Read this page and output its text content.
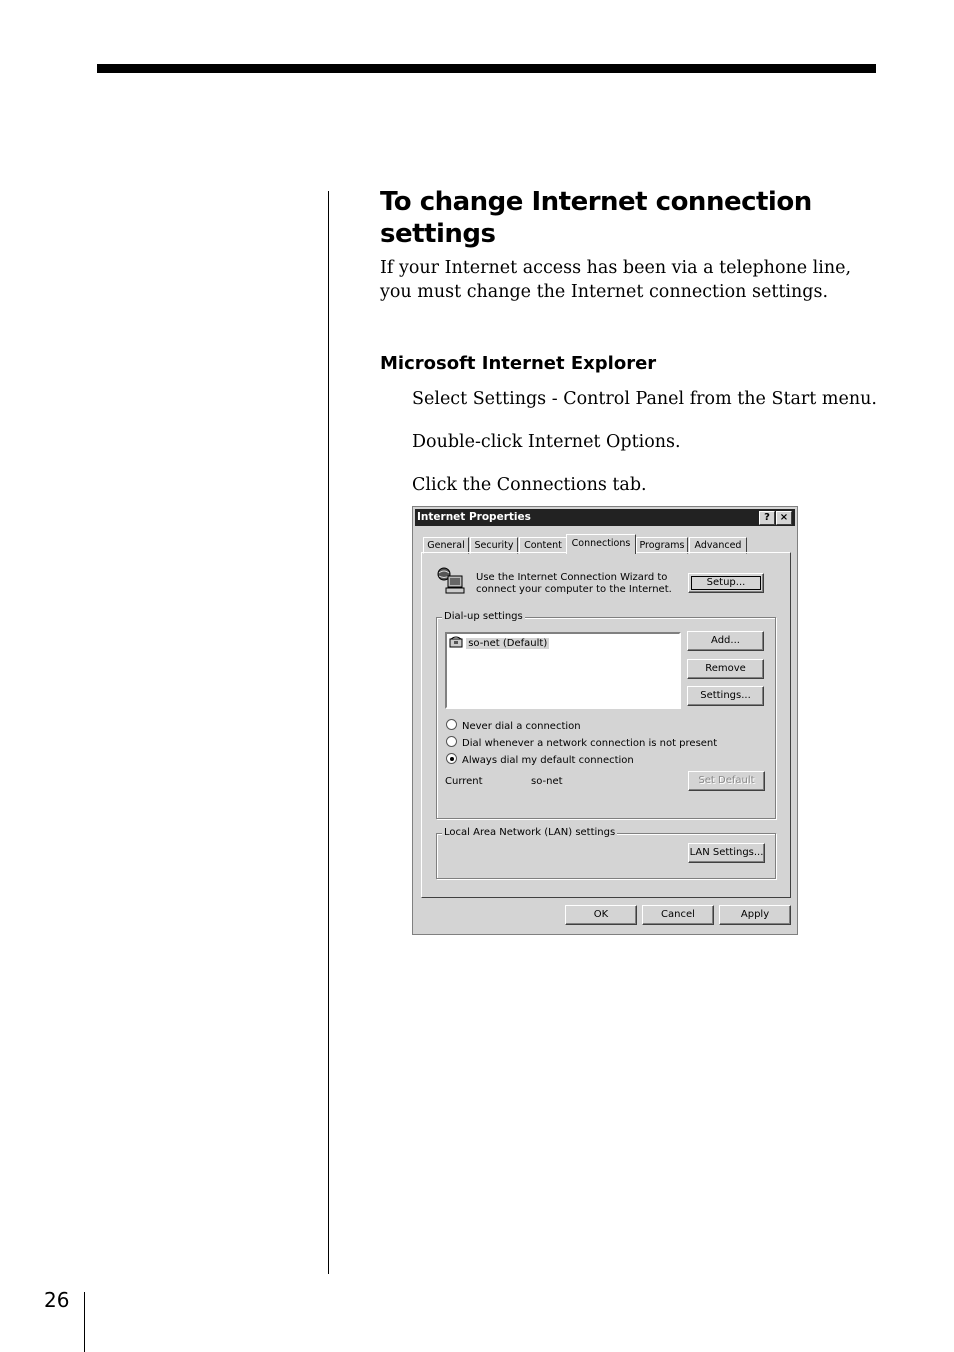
To change Internet connection settings

If your Internet access has been via a telephone line, you must change the Internet connection settings.

Microsoft Internet Explorer

Select Settings - Control Panel from the Start menu.

Double-click Internet Options.

Click the Connections tab.

Internet Properties	? ×
General	Security	Content	Connections Programs	Advanced
Use the Internet Connection Wizard to
connect your computer to the Internet.
Setup...
Dial-up settings
so-net (Default)	Add...
Remove
Settings...
Never dial a connection
Dial whenever a network connection is not present
Always dial my default connection
Current	so-net	Set Default
Local Area Network (LAN) settings
LAN Settings...
OK	Cancel	Apply
26
